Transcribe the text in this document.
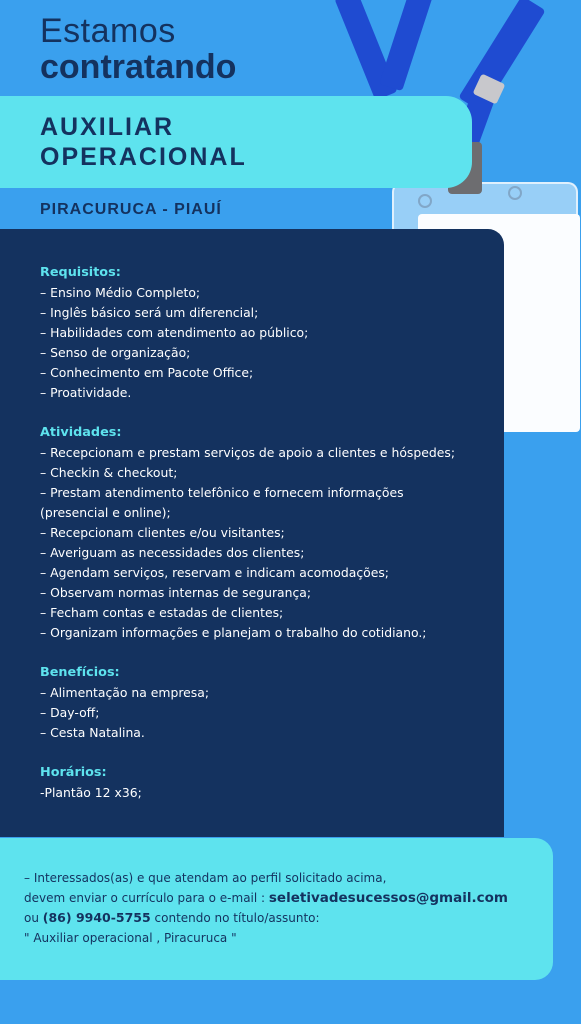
Estamos
contratando
AUXILIAR
OPERACIONAL
PIRACURUCA - PIAUÍ
Requisitos:
– Ensino Médio Completo;
– Inglês básico será um diferencial;
– Habilidades com atendimento ao público;
– Senso de organização;
– Conhecimento em Pacote Office;
– Proatividade.
Atividades:
– Recepcionam e prestam serviços de apoio a clientes e hóspedes;
– Checkin & checkout;
– Prestam atendimento telefônico e fornecem informações
(presencial e online);
– Recepcionam clientes e/ou visitantes;
– Averiguam as necessidades dos clientes;
– Agendam serviços, reservam e indicam acomodações;
– Observam normas internas de segurança;
– Fecham contas e estadas de clientes;
– Organizam informações e planejam o trabalho do cotidiano.;
Benefícios:
– Alimentação na empresa;
– Day-off;
– Cesta Natalina.
Horários:
-Plantão 12 x36;
– Interessados(as) e que atendam ao perfil solicitado acima,
devem enviar o currículo para o e-mail : seletivadesucessos@gmail.com
ou (86) 9940-5755 contendo no título/assunto:
" Auxiliar operacional , Piracuruca "
